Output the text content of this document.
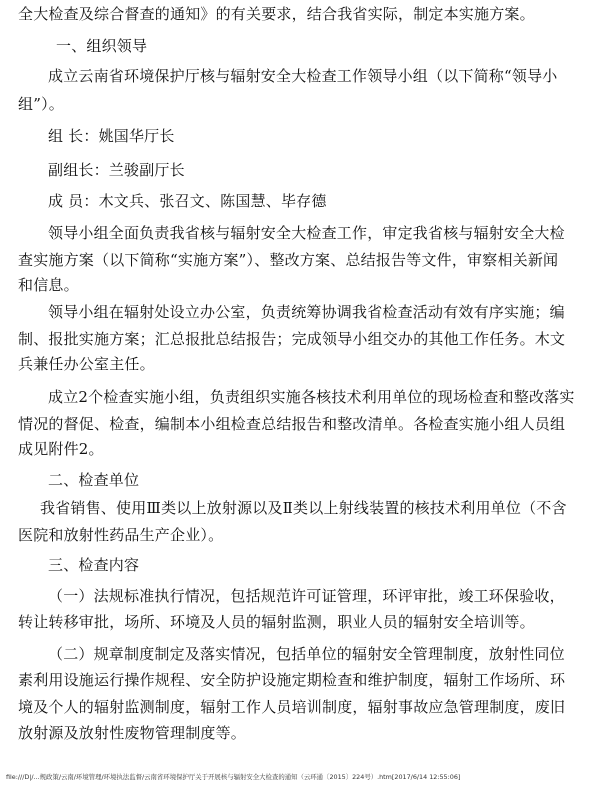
全大检查及综合督查的通知》的有关要求，结合我省实际，制定本实施方案。
一、组织领导
成立云南省环境保护厅核与辐射安全大检查工作领导小组（以下简称“领导小
组”）。
组 长：姚国华厅长
副组长：兰骏副厅长
成 员：木文兵、张召文、陈国慧、毕存德
领导小组全面负责我省核与辐射安全大检查工作，审定我省核与辐射安全大检
查实施方案（以下简称“实施方案”）、整改方案、总结报告等文件，审察相关新闻
和信息。
领导小组在辐射处设立办公室，负责统筹协调我省检查活动有效有序实施；编
制、报批实施方案；汇总报批总结报告；完成领导小组交办的其他工作任务。木文
兵兼任办公室主任。
成立2个检查实施小组，负责组织实施各核技术利用单位的现场检查和整改落实
情况的督促、检查，编制本小组检查总结报告和整改清单。各检查实施小组人员组
成见附件2。
二、检查单位
我省销售、使用Ⅲ类以上放射源以及Ⅱ类以上射线装置的核技术利用单位（不含
医院和放射性药品生产企业）。
三、检查内容
（一）法规标准执行情况，包括规范许可证管理，环评审批，竣工环保验收，
转让转移审批，场所、环境及人员的辐射监测，职业人员的辐射安全培训等。
（二）规章制度制定及落实情况，包括单位的辐射安全管理制度，放射性同位
素利用设施运行操作规程、安全防护设施定期检查和维护制度，辐射工作场所、环
境及个人的辐射监测制度，辐射工作人员培训制度，辐射事故应急管理制度，废旧
放射源及放射性废物管理制度等。
file:///D|/...规政策/云南/环境管理/环境执法监督/云南省环境保护厅关于开展核与辐射安全大检查的通知（云环通〔2015〕224号）.htm[2017/6/14 12:55:06]
